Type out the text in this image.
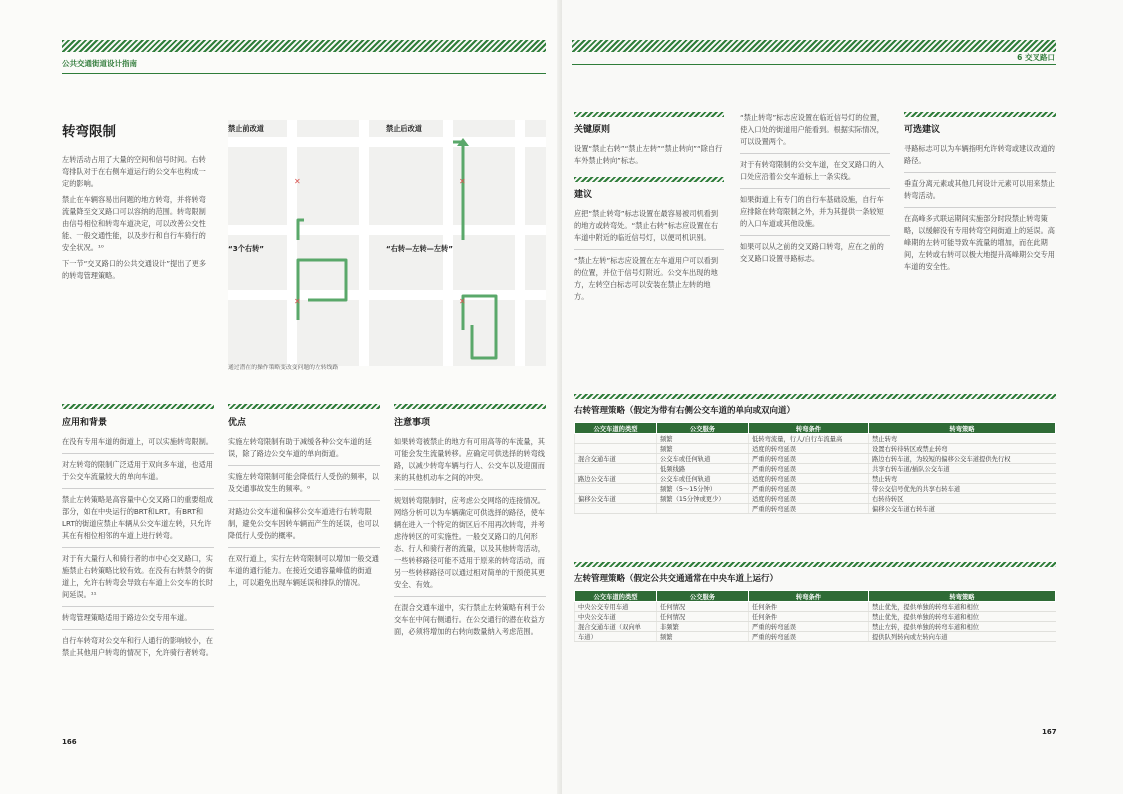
公共交通街道设计指南
转弯限制

左转活动占用了大量的空间和信号时间。右转弯排队对于在右侧车道运行的公交车也构成一定的影响。

禁止在车辆容易出问题的地方转弯，并将转弯流量降至交叉路口可以容纳的范围。转弯限制由信号相位和转弯车道决定，可以改善公交性能、一般交通性能，以及步行和自行车骑行的安全状况。¹⁰

下一节“交叉路口的公共交通设计”提出了更多的转弯管理策略。

✕	✕
✕	✕
禁止前改道	禁止后改道
“3个右转”	“右转—左转—左转”
通过潜在的操作策略变改变问题的左转线路
应用和背景

在没有专用车道的街道上，可以实施转弯限制。

对左转弯的限制广泛适用于双向多车道，也适用于公交车流量较大的单向车道。

禁止左转策略是高容量中心交叉路口的重要组成部分，如在中央运行的BRT和LRT。有BRT和LRT的街道应禁止车辆从公交车道左转，只允许其在有相位相邻的车道上进行转弯。

对于有大量行人和骑行者的市中心交叉路口，实施禁止右转策略比较有效。在没有右转禁令的街道上，允许右转弯会导致右车道上公交车的长时间延误。¹¹

转弯管理策略适用于路边公交专用车道。

自行车转弯对公交车和行人通行的影响较小，在禁止其他用户转弯的情况下，允许骑行者转弯。

优点

实施左转弯限制有助于减缓各种公交车道的延误，除了路边公交车道的单向街道。

实施左转弯限制可能会降低行人受伤的频率，以及交通事故发生的频率。⁰

对路边公交车道和偏移公交车道进行右转弯限制，避免公交车因转车辆而产生的延误，也可以降低行人受伤的概率。

在双行道上，实行左转弯限制可以增加一般交通车道的通行能力。在接近交通容量峰值的街道上，可以避免出现车辆延误和排队的情况。

注意事项

如果转弯被禁止的地方有可用高等的车流量，其可能会发生流量转移。应确定可供选择的转弯线路，以减少转弯车辆与行人、公交车以及迎面而来的其他机动车之间的冲突。

规划转弯限制时，应考虑公交网络的连接情况。网络分析可以为车辆确定可供选择的路径，使车辆在进入一个特定的街区后不用再次转弯，并考虑待转区的可实施性。一般交叉路口的几何形态、行人和骑行者的流量，以及其他转弯活动，一些转移路径可能不适用于原来的转弯活动，而另一些转移路径可以通过相对简单的干预使其更安全、有效。

在混合交通车道中，实行禁止左转策略有利于公交车在中间右侧通行。在公交通行的潜在收益方面，必须将增加的右转向数量纳入考虑范围。

166
6 交叉路口
关键原则

设置“禁止右转”“禁止左转”“禁止转向”“除自行车外禁止转向”标志。

建议

应把“禁止转弯”标志设置在最容易被司机看到的地方或转弯处。“禁止右转”标志应设置在右车道中附近的临近信号灯，以便司机识别。

“禁止左转”标志应设置在左车道用户可以看到的位置，并位于信号灯附近。公交车出现的地方，左转空白标志可以安装在禁止左转的地方。

“禁止转弯”标志应设置在临近信号灯的位置，使入口处的街道用户能看到。根据实际情况，可以设置两个。

对于有转弯限制的公交车道，在交叉路口的入口处应沿着公交车道标上一条实线。

如果街道上有专门的自行车基础设施，自行车应排除在转弯限制之外，并为其提供一条较短的入口车道或其他设施。

如果可以从之前的交叉路口转弯，应在之前的交叉路口设置寻路标志。

可选建议

寻路标志可以为车辆指明允许转弯或建议改道的路径。

垂直分离元素或其他几何设计元素可以用来禁止转弯活动。

在高峰多式联运期间实施部分时段禁止转弯策略，以缓解没有专用转弯空间街道上的延误。高峰期的左转可能导致车流量的增加，而在此期间，左转或右转可以极大地提升高峰期公交专用车道的安全性。

右转管理策略（假定为带有右侧公交车道的单向或双向道）
公交车道的类型	公交服务	转弯条件	转弯策略
	频繁	低转弯流量，行人/自行车流量高	禁止转弯
	频繁	适度的转弯延误	设置右转待转区或禁止转弯
混合交通车道	公交车或任何轨道	严重的转弯延误	路边右转车道，为较短的偏移公交车道提供先行权
	低频线路	严重的转弯延误	共享右转车道/插队公交车道
路边公交车道	公交车或任何轨道	适度的转弯延误	禁止转弯
	频繁（5～15分钟）	严重的转弯延误	带公交信号优先的共享右转车道
偏移公交车道	频繁（15分钟或更少）	适度的转弯延误	右转待转区
		严重的转弯延误	偏移公交车道右转车道
左转管理策略（假定公共交通通常在中央车道上运行）
公交车道的类型	公交服务	转弯条件	转弯策略
中央公交专用车道	任何情况	任何条件	禁止优先，提供单独的转弯车道和相位
中央公交车道	任何情况	任何条件	禁止优先，提供单独的转弯车道和相位
混合交通车道（双向单	非频繁	严重的转弯延误	禁止左转，提供单独的转弯车道和相位
车道）	频繁	严重的转弯延误	提供队列转向或左转向车道
167
